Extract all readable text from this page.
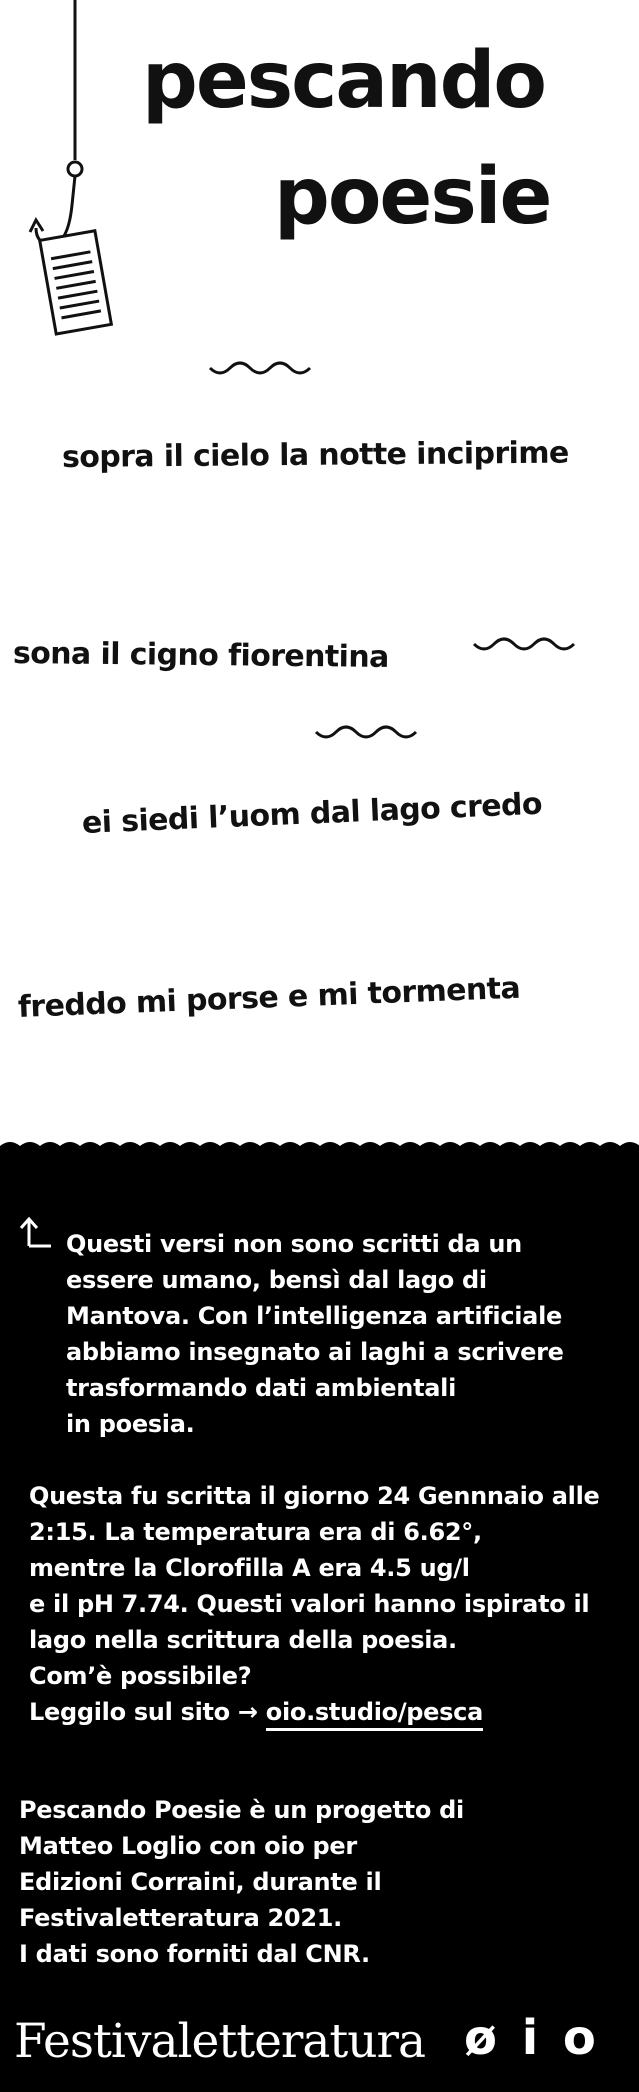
pescando
poesie
sopra il cielo la notte inciprime
sona il cigno fiorentina
ei siedi l’uom dal lago credo
freddo mi porse e mi tormenta
Questi versi non sono scritti da un
essere umano, bensì dal lago di
Mantova. Con l’intelligenza artificiale
abbiamo insegnato ai laghi a scrivere
trasformando dati ambientali
in poesia.
Questa fu scritta il giorno 24 Gennnaio alle
2:15. La temperatura era di 6.62°,
mentre la Clorofilla A era 4.5 ug/l
e il pH 7.74. Questi valori hanno ispirato il
lago nella scrittura della poesia.
Com’è possibile?
Leggilo sul sito → oio.studio/pesca
Pescando Poesie è un progetto di
Matteo Loglio con oio per
Edizioni Corraini, durante il
Festivaletteratura 2021.
I dati sono forniti dal CNR.
Festivaletteratura ø i o
